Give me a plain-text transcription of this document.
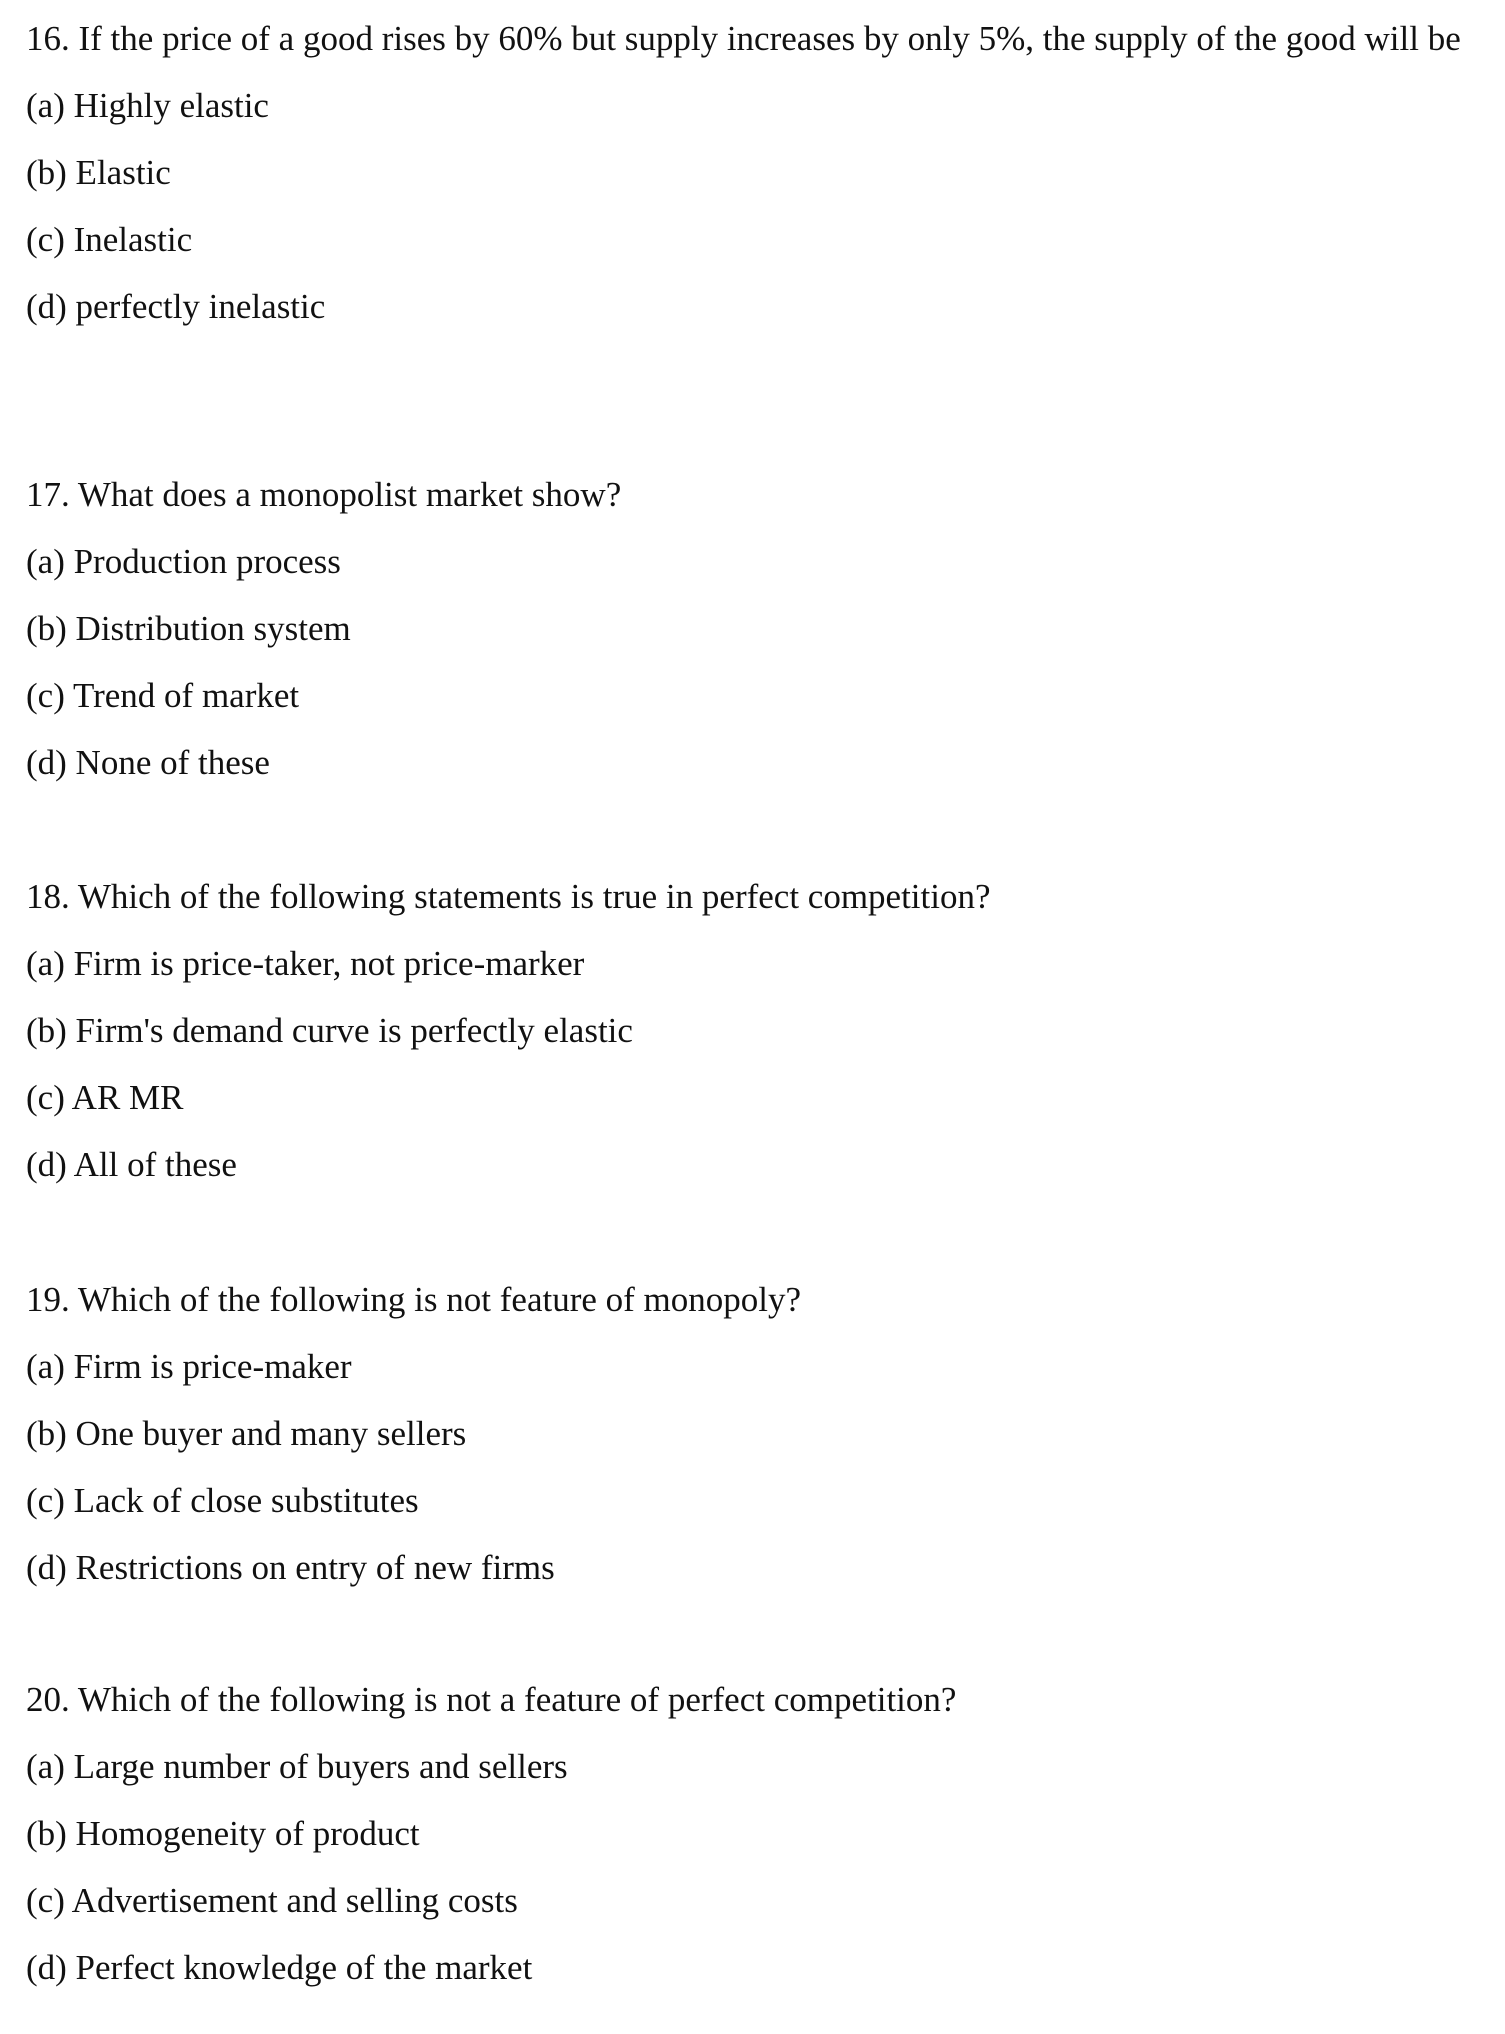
16. If the price of a good rises by 60% but supply increases by only 5%, the supply of the good will be
(a) Highly elastic
(b) Elastic
(c) Inelastic
(d) perfectly inelastic
17. What does a monopolist market show?
(a) Production process
(b) Distribution system
(c) Trend of market
(d) None of these
18. Which of the following statements is true in perfect competition?
(a) Firm is price-taker, not price-marker
(b) Firm's demand curve is perfectly elastic
(c) AR MR
(d) All of these
19. Which of the following is not feature of monopoly?
(a) Firm is price-maker
(b) One buyer and many sellers
(c) Lack of close substitutes
(d) Restrictions on entry of new firms
20. Which of the following is not a feature of perfect competition?
(a) Large number of buyers and sellers
(b) Homogeneity of product
(c) Advertisement and selling costs
(d) Perfect knowledge of the market
